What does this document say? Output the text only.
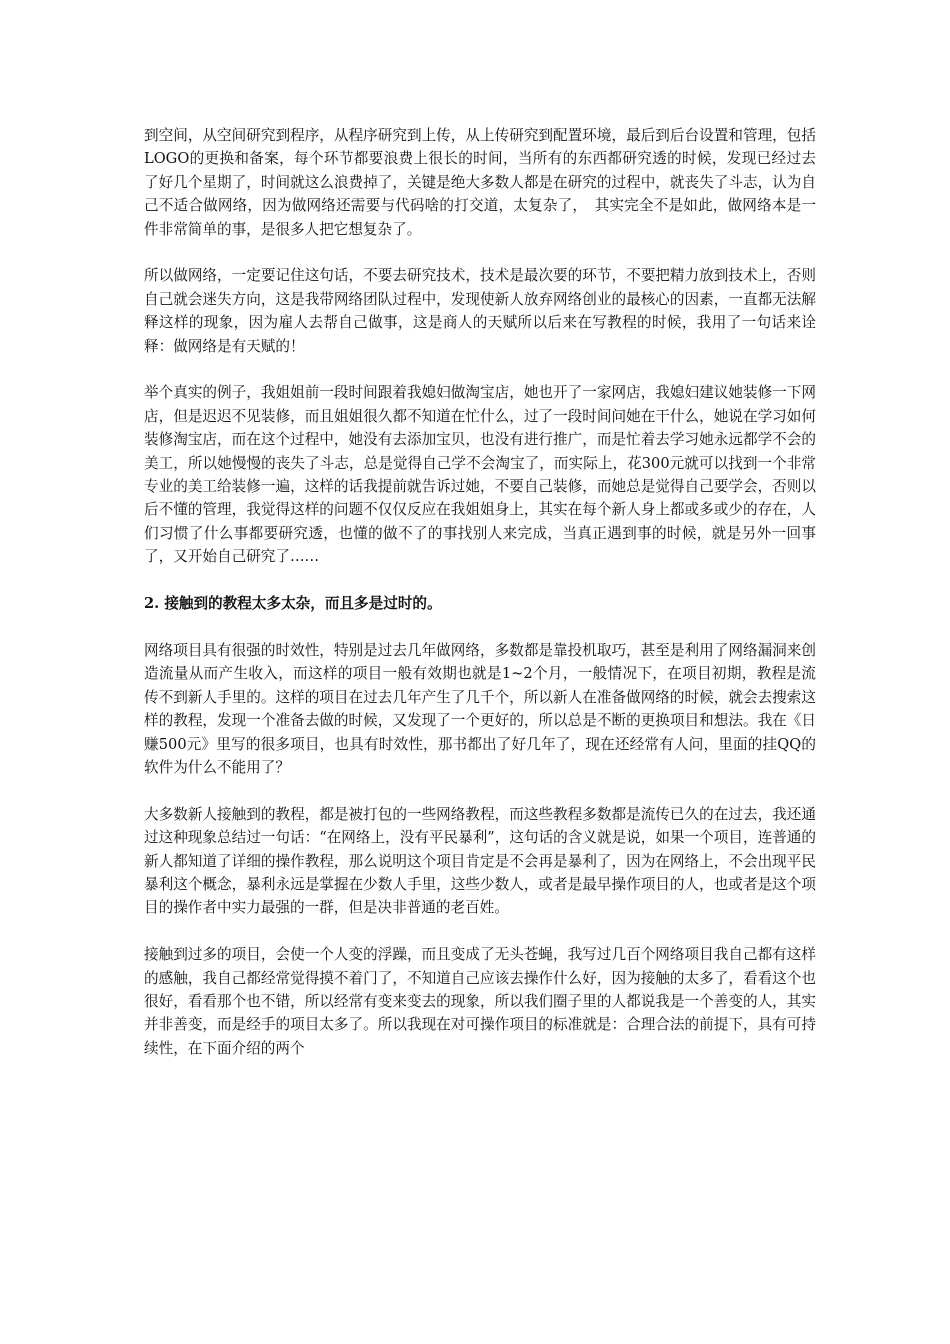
到空间，从空间研究到程序，从程序研究到上传，从上传研究到配置环境，最后到后台设置和管理，包括LOGO的更换和备案，每个环节都要浪费上很长的时间，当所有的东西都研究透的时候，发现已经过去了好几个星期了，时间就这么浪费掉了，关键是绝大多数人都是在研究的过程中，就丧失了斗志，认为自己不适合做网络，因为做网络还需要与代码啥的打交道，太复杂了，　其实完全不是如此，做网络本是一件非常简单的事，是很多人把它想复杂了。

所以做网络，一定要记住这句话，不要去研究技术，技术是最次要的环节，不要把精力放到技术上，否则自己就会迷失方向，这是我带网络团队过程中，发现使新人放弃网络创业的最核心的因素，一直都无法解释这样的现象，因为雇人去帮自己做事，这是商人的天赋所以后来在写教程的时候，我用了一句话来诠释：做网络是有天赋的！

举个真实的例子，我姐姐前一段时间跟着我媳妇做淘宝店，她也开了一家网店，我媳妇建议她装修一下网店，但是迟迟不见装修，而且姐姐很久都不知道在忙什么，过了一段时间问她在干什么，她说在学习如何装修淘宝店，而在这个过程中，她没有去添加宝贝，也没有进行推广，而是忙着去学习她永远都学不会的美工，所以她慢慢的丧失了斗志，总是觉得自己学不会淘宝了，而实际上，花300元就可以找到一个非常专业的美工给装修一遍，这样的话我提前就告诉过她，不要自己装修，而她总是觉得自己要学会，否则以后不懂的管理，我觉得这样的问题不仅仅反应在我姐姐身上，其实在每个新人身上都或多或少的存在，人们习惯了什么事都要研究透，也懂的做不了的事找别人来完成，当真正遇到事的时候，就是另外一回事了，又开始自己研究了……

2. 接触到的教程太多太杂，而且多是过时的。

网络项目具有很强的时效性，特别是过去几年做网络，多数都是靠投机取巧，甚至是利用了网络漏洞来创造流量从而产生收入，而这样的项目一般有效期也就是1~2个月，一般情况下，在项目初期，教程是流传不到新人手里的。这样的项目在过去几年产生了几千个，所以新人在准备做网络的时候，就会去搜索这样的教程，发现一个准备去做的时候，又发现了一个更好的，所以总是不断的更换项目和想法。我在《日赚500元》里写的很多项目，也具有时效性，那书都出了好几年了，现在还经常有人问，里面的挂QQ的软件为什么不能用了？

大多数新人接触到的教程，都是被打包的一些网络教程，而这些教程多数都是流传已久的在过去，我还通过这种现象总结过一句话：“在网络上，没有平民暴利”，这句话的含义就是说，如果一个项目，连普通的新人都知道了详细的操作教程，那么说明这个项目肯定是不会再是暴利了，因为在网络上，不会出现平民暴利这个概念，暴利永远是掌握在少数人手里，这些少数人，或者是最早操作项目的人，也或者是这个项目的操作者中实力最强的一群，但是决非普通的老百姓。

接触到过多的项目，会使一个人变的浮躁，而且变成了无头苍蝇，我写过几百个网络项目我自己都有这样的感触，我自己都经常觉得摸不着门了，不知道自己应该去操作什么好，因为接触的太多了，看看这个也很好，看看那个也不错，所以经常有变来变去的现象，所以我们圈子里的人都说我是一个善变的人，其实并非善变，而是经手的项目太多了。所以我现在对可操作项目的标准就是：合理合法的前提下，具有可持续性，在下面介绍的两个
